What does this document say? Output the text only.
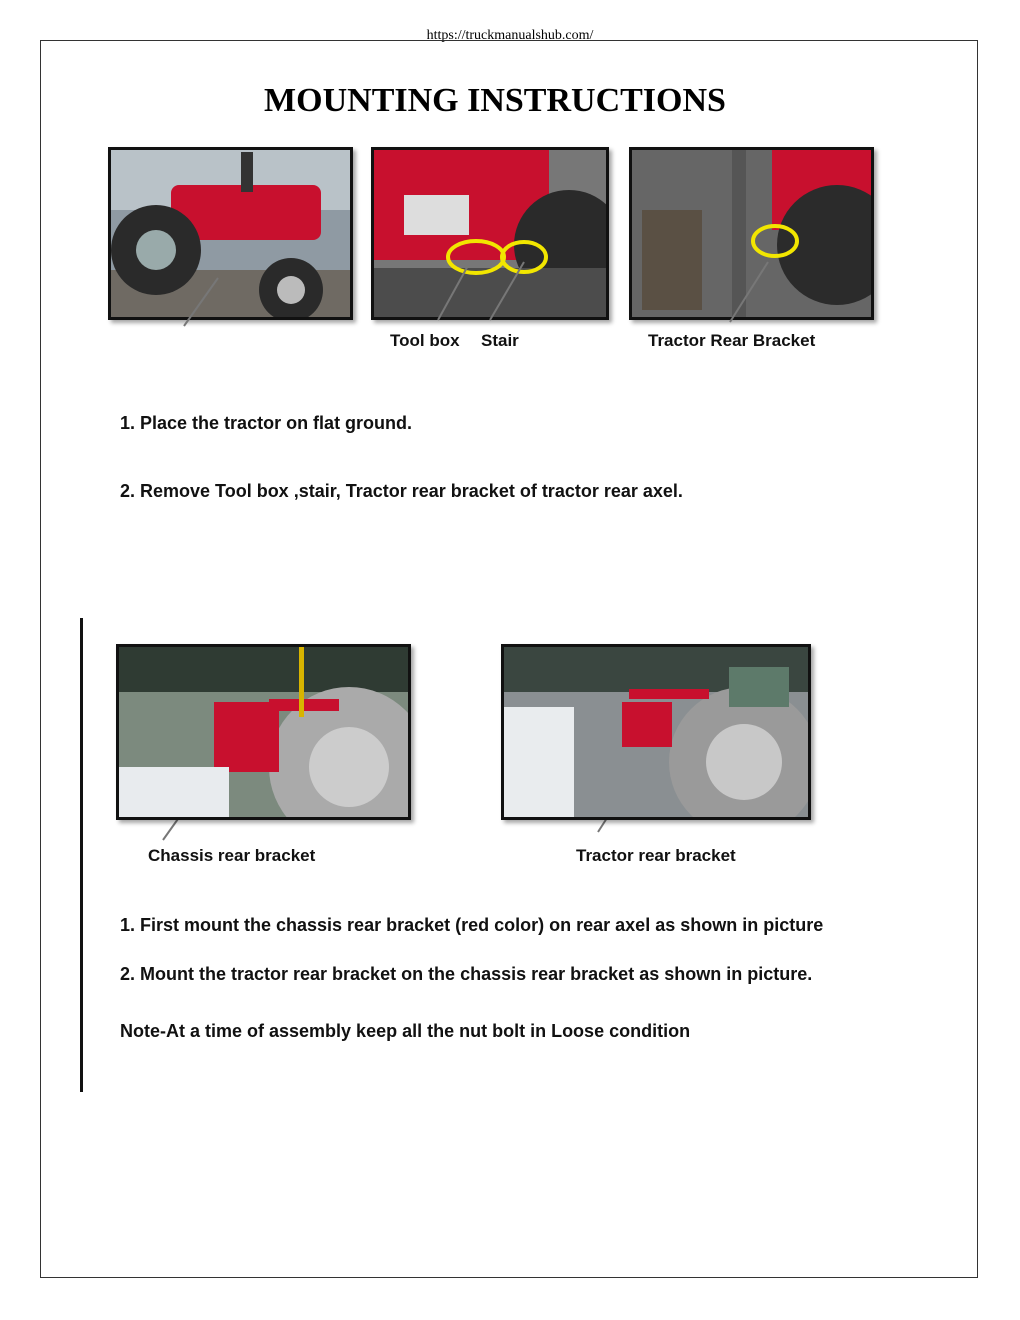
https://truckmanualshub.com/
MOUNTING INSTRUCTIONS
Tool box Stair	Tractor Rear Bracket
1. Place the tractor on flat ground.
2. Remove Tool box ,stair, Tractor rear bracket of tractor rear axel.
Chassis rear bracket	Tractor rear bracket
1. First mount the chassis rear bracket (red color) on rear axel as shown in picture
2. Mount the tractor rear bracket on the chassis rear bracket as shown in picture.
Note-At a time of assembly keep all the nut bolt in Loose condition
